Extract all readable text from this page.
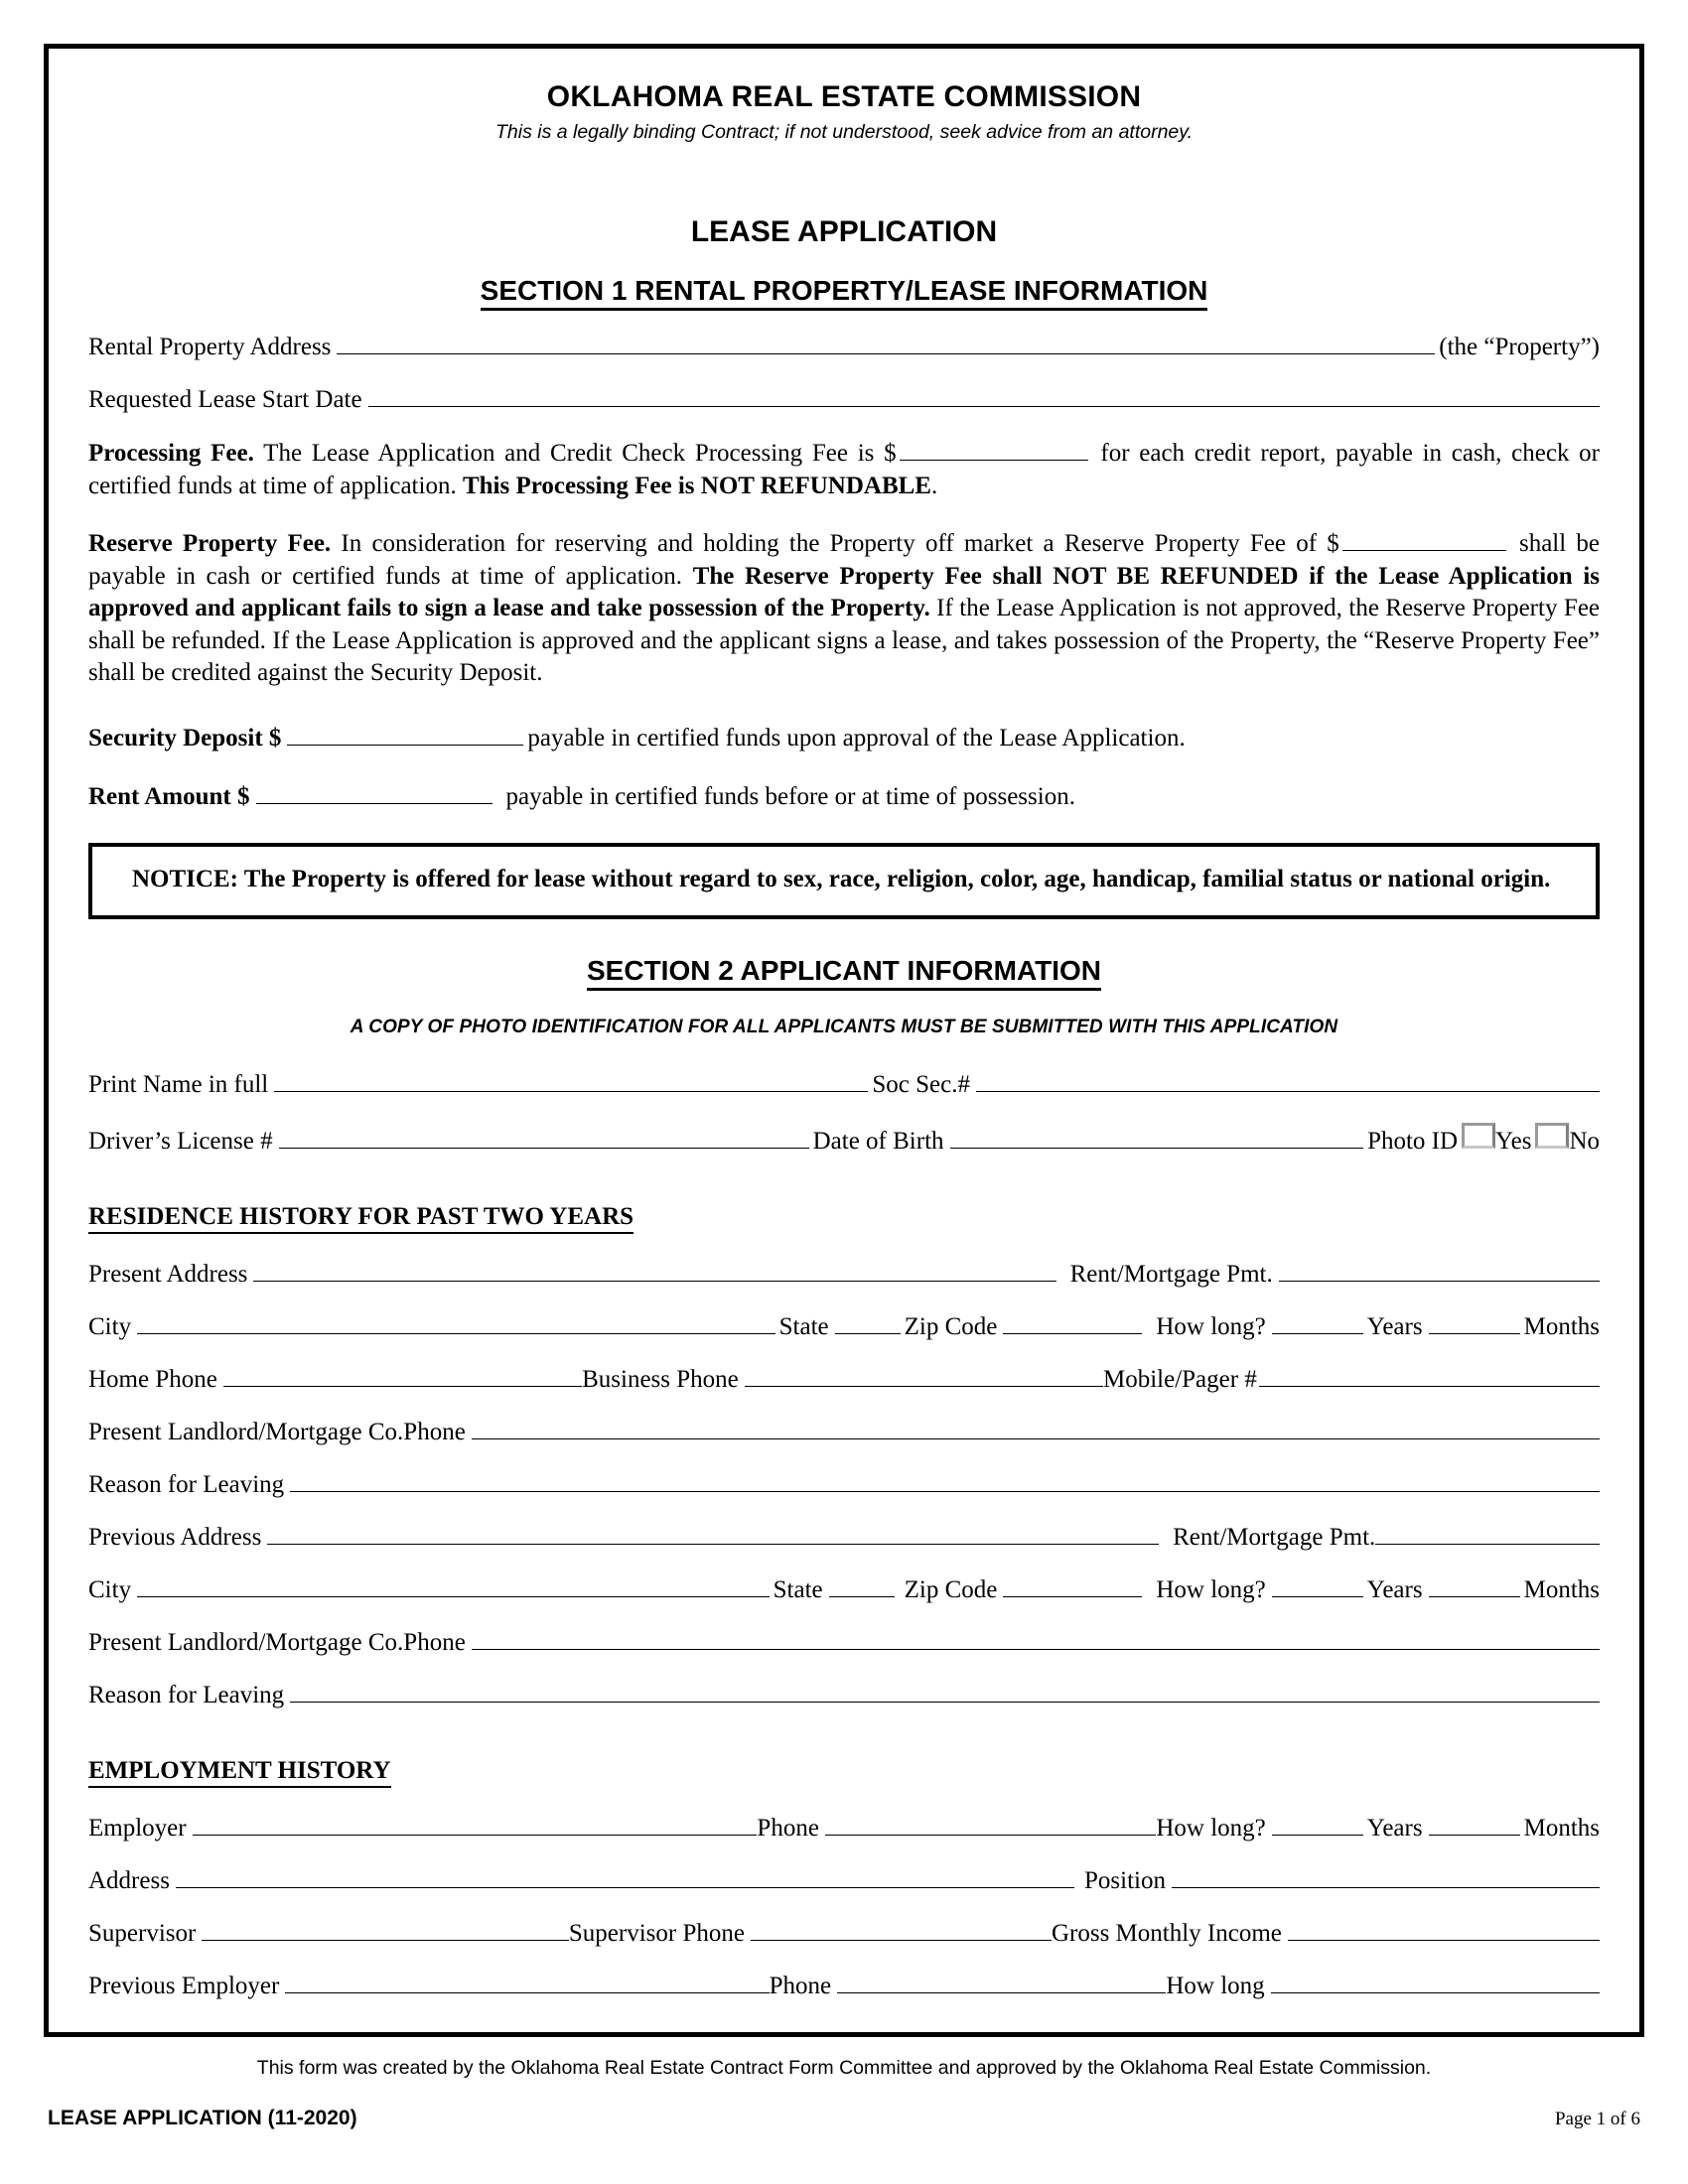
OKLAHOMA REAL ESTATE COMMISSION
This is a legally binding Contract; if not understood, seek advice from an attorney.
LEASE APPLICATION
SECTION 1 RENTAL PROPERTY/LEASE INFORMATION
Rental Property Address	(the “Property”)
Requested Lease Start Date

Processing Fee. The Lease Application and Credit Check Processing Fee is $	for each credit report, payable in cash, check or certified funds at time of application. This Processing Fee is NOT REFUNDABLE.

Reserve Property Fee. In consideration for reserving and holding the Property off market a Reserve Property Fee of $	shall be payable in cash or certified funds at time of application. The Reserve Property Fee shall NOT BE REFUNDED if the Lease Application is approved and applicant fails to sign a lease and take possession of the Property. If the Lease Application is not approved, the Reserve Property Fee shall be refunded. If the Lease Application is approved and the applicant signs a lease, and takes possession of the Property, the “Reserve Property Fee” shall be credited against the Security Deposit.

Security Deposit $	payable in certified funds upon approval of the Lease Application.
Rent Amount $	payable in certified funds before or at time of possession.

NOTICE: The Property is offered for lease without regard to sex, race, religion, color, age, handicap, familial status or national origin.

SECTION 2 APPLICANT INFORMATION
A COPY OF PHOTO IDENTIFICATION FOR ALL APPLICANTS MUST BE SUBMITTED WITH THIS APPLICATION
Print Name in full	Soc Sec.#
Driver’s License #	Date of Birth	Photo ID Yes No
RESIDENCE HISTORY FOR PAST TWO YEARS
Present Address	Rent/Mortgage Pmt.
City	State	Zip Code	How long?	Years	Months
Home Phone	Business Phone	Mobile/Pager #
Present Landlord/Mortgage Co.Phone
Reason for Leaving
Previous Address	Rent/Mortgage Pmt.
City	State	Zip Code	How long?	Years	Months
Present Landlord/Mortgage Co.Phone
Reason for Leaving
EMPLOYMENT HISTORY
Employer	Phone	How long?	Years	Months
Address	Position
Supervisor	Supervisor Phone	Gross Monthly Income
Previous Employer	Phone	How long
This form was created by the Oklahoma Real Estate Contract Form Committee and approved by the Oklahoma Real Estate Commission.
LEASE APPLICATION (11-2020)	Page 1 of 6
